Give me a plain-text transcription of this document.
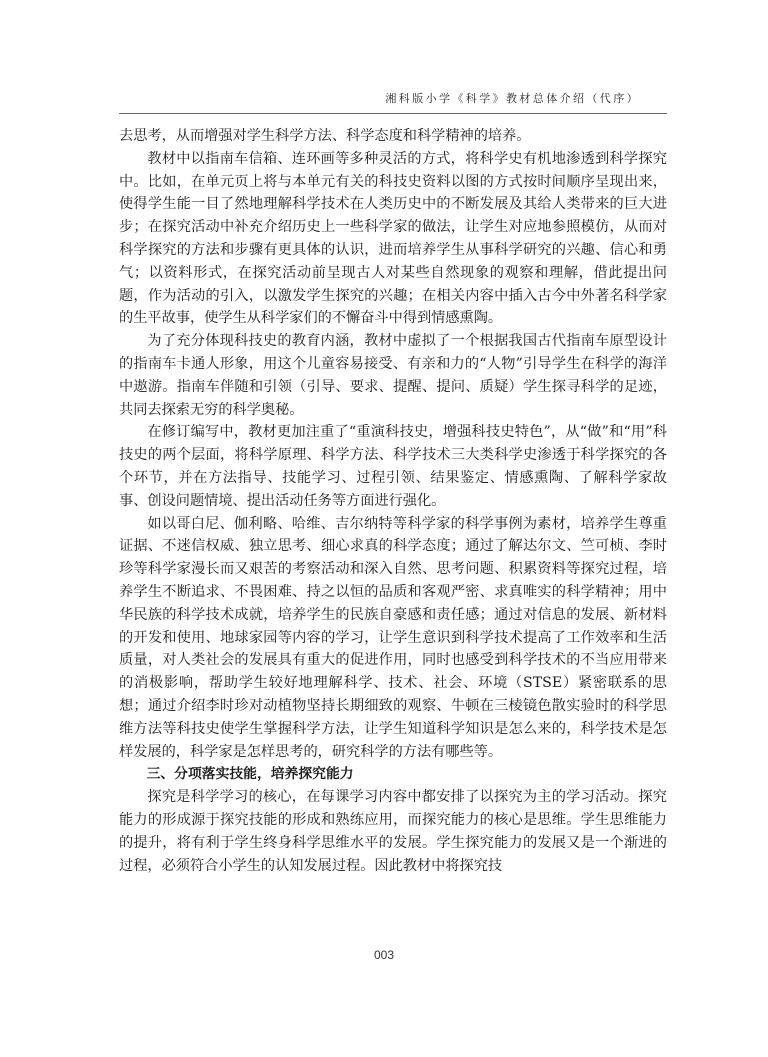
湘科版小学《科学》教材总体介绍（代序）

去思考，从而增强对学生科学方法、科学态度和科学精神的培养。

教材中以指南车信箱、连环画等多种灵活的方式，将科学史有机地渗透到科学探究中。比如，在单元页上将与本单元有关的科技史资料以图的方式按时间顺序呈现出来，使得学生能一目了然地理解科学技术在人类历史中的不断发展及其给人类带来的巨大进步；在探究活动中补充介绍历史上一些科学家的做法，让学生对应地参照模仿，从而对科学探究的方法和步骤有更具体的认识，进而培养学生从事科学研究的兴趣、信心和勇气；以资料形式，在探究活动前呈现古人对某些自然现象的观察和理解，借此提出问题，作为活动的引入，以激发学生探究的兴趣；在相关内容中插入古今中外著名科学家的生平故事，使学生从科学家们的不懈奋斗中得到情感熏陶。

为了充分体现科技史的教育内涵，教材中虚拟了一个根据我国古代指南车原型设计的指南车卡通人形象，用这个儿童容易接受、有亲和力的“人物”引导学生在科学的海洋中遨游。指南车伴随和引领（引导、要求、提醒、提问、质疑）学生探寻科学的足迹，共同去探索无穷的科学奥秘。

在修订编写中，教材更加注重了“重演科技史，增强科技史特色”，从“做”和“用”科技史的两个层面，将科学原理、科学方法、科学技术三大类科学史渗透于科学探究的各个环节，并在方法指导、技能学习、过程引领、结果鉴定、情感熏陶、了解科学家故事、创设问题情境、提出活动任务等方面进行强化。

如以哥白尼、伽利略、哈维、吉尔纳特等科学家的科学事例为素材，培养学生尊重证据、不迷信权威、独立思考、细心求真的科学态度；通过了解达尔文、竺可桢、李时珍等科学家漫长而又艰苦的考察活动和深入自然、思考问题、积累资料等探究过程，培养学生不断追求、不畏困难、持之以恒的品质和客观严密、求真唯实的科学精神；用中华民族的科学技术成就，培养学生的民族自豪感和责任感；通过对信息的发展、新材料的开发和使用、地球家园等内容的学习，让学生意识到科学技术提高了工作效率和生活质量，对人类社会的发展具有重大的促进作用，同时也感受到科学技术的不当应用带来的消极影响，帮助学生较好地理解科学、技术、社会、环境（STSE）紧密联系的思想；通过介绍李时珍对动植物坚持长期细致的观察、牛顿在三棱镜色散实验时的科学思维方法等科技史使学生掌握科学方法，让学生知道科学知识是怎么来的，科学技术是怎样发展的，科学家是怎样思考的，研究科学的方法有哪些等。

三、分项落实技能，培养探究能力

探究是科学学习的核心，在每课学习内容中都安排了以探究为主的学习活动。探究能力的形成源于探究技能的形成和熟练应用，而探究能力的核心是思维。学生思维能力的提升，将有利于学生终身科学思维水平的发展。学生探究能力的发展又是一个渐进的过程，必须符合小学生的认知发展过程。因此教材中将探究技

003
